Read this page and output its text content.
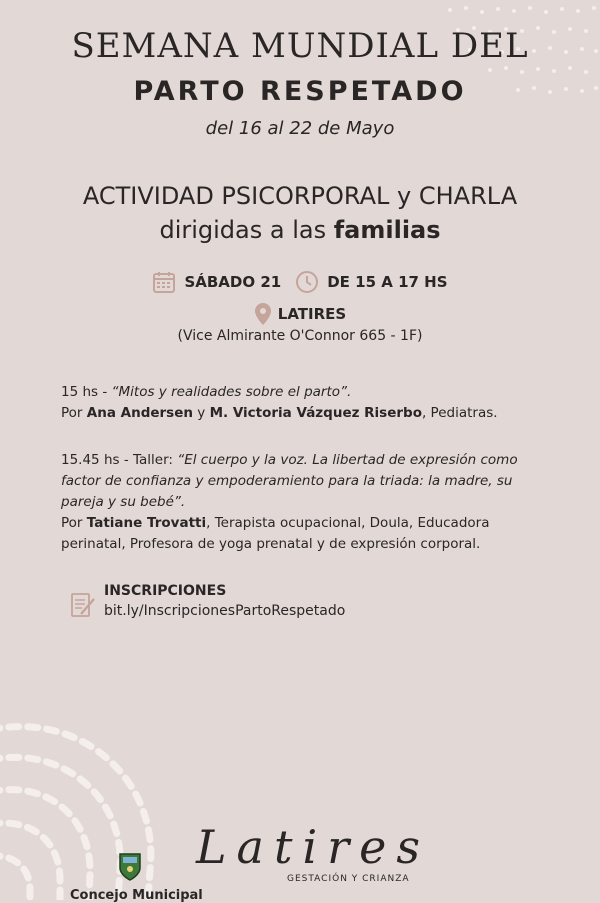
SEMANA MUNDIAL DEL
PARTO RESPETADO
del 16 al 22 de Mayo
ACTIVIDAD PSICORPORAL y CHARLA
dirigidas a las familias
SÁBADO 21	DE 15 A 17 HS
LATIRES
(Vice Almirante O'Connor 665 - 1F)
15 hs - “Mitos y realidades sobre el parto”.
Por Ana Andersen y M. Victoria Vázquez Riserbo, Pediatras.
15.45 hs - Taller: “El cuerpo y la voz. La libertad de expresión como factor de confianza y empoderamiento para la triada: la madre, su pareja y su bebé”.
Por Tatiane Trovatti, Terapista ocupacional, Doula, Educadora perinatal, Profesora de yoga prenatal y de expresión corporal.
INSCRIPCIONES
bit.ly/InscripcionesPartoRespetado
Latires
GESTACIÓN Y CRIANZA
Concejo Municipal
